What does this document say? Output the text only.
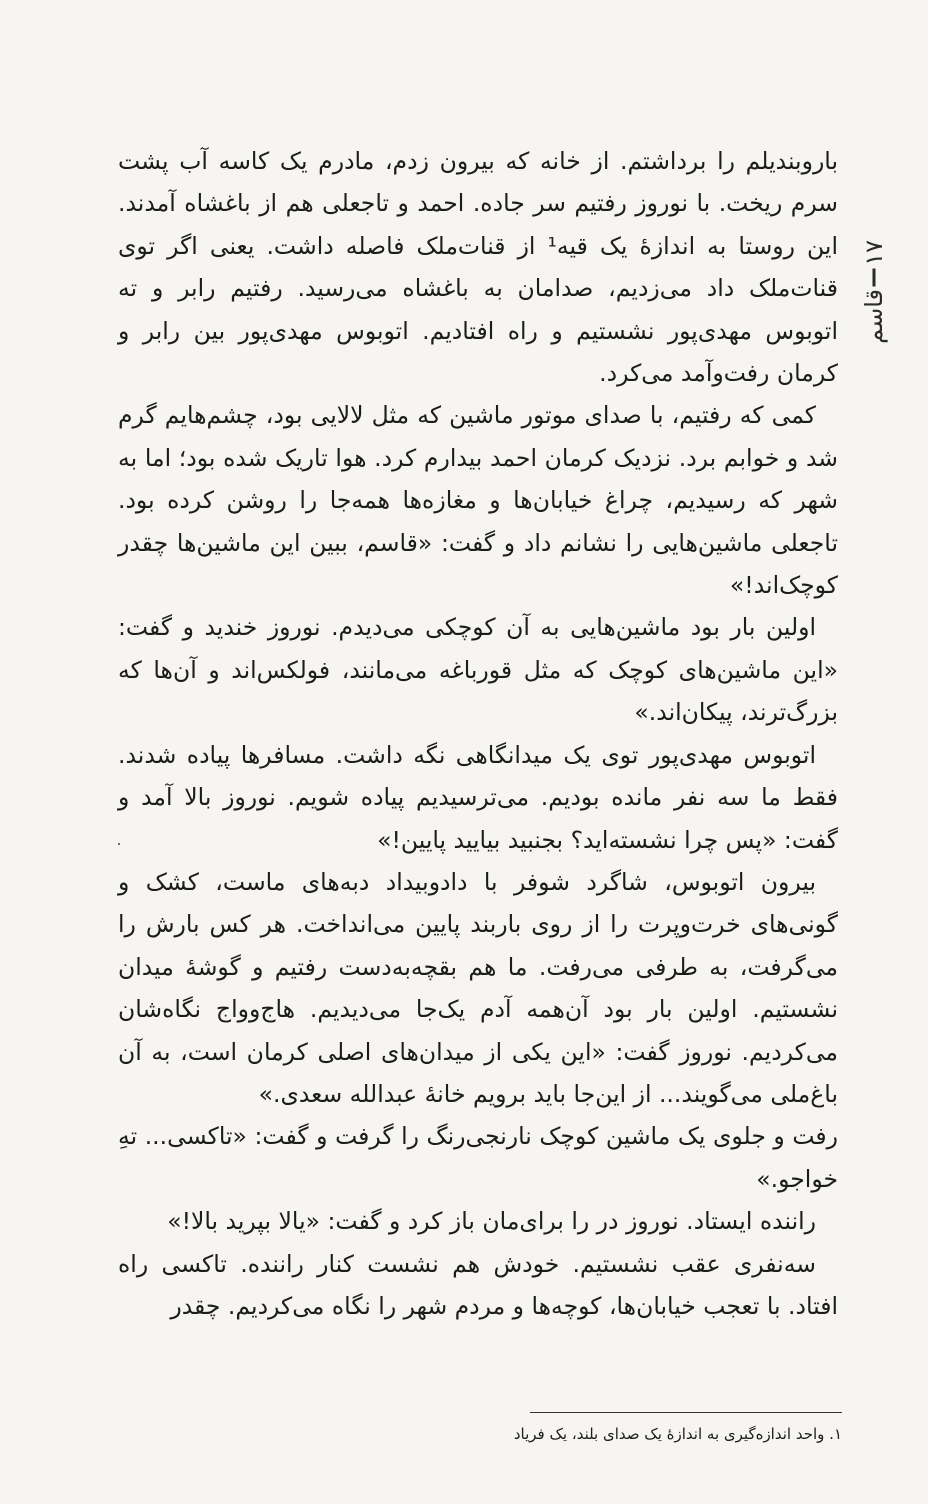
۱۷
قاسم

باروبندیلم را برداشتم. از خانه که بیرون زدم، مادرم یک کاسه آب پشت سرم ریخت. با نوروز رفتیم سر جاده. احمد و تاجعلی هم از باغشاه آمدند. این روستا به اندازهٔ یک قیه¹ از قنات‌ملک فاصله داشت. یعنی اگر توی قنات‌ملک داد می‌زدیم، صدامان به باغشاه می‌رسید. رفتیم رابر و ته اتوبوس مهدی‌پور نشستیم و راه افتادیم. اتوبوس مهدی‌پور بین رابر و کرمان رفت‌وآمد می‌کرد.

کمی که رفتیم، با صدای موتور ماشین که مثل لالایی بود، چشم‌هایم گرم شد و خوابم برد. نزدیک کرمان احمد بیدارم کرد. هوا تاریک شده بود؛ اما به شهر که رسیدیم، چراغ خیابان‌ها و مغازه‌ها همه‌جا را روشن کرده بود. تاجعلی ماشین‌هایی را نشانم داد و گفت: «قاسم، ببین این ماشین‌ها چقدر کوچک‌اند!»

اولین بار بود ماشین‌هایی به آن کوچکی می‌دیدم. نوروز خندید و گفت: «این ماشین‌های کوچک که مثل قورباغه می‌مانند، فولکس‌اند و آن‌ها که بزرگ‌ترند، پیکان‌اند.»

اتوبوس مهدی‌پور توی یک میدانگاهی نگه داشت. مسافرها پیاده شدند. فقط ما سه نفر مانده بودیم. می‌ترسیدیم پیاده شویم. نوروز بالا آمد و گفت: «پس چرا نشسته‌اید؟ بجنبید بیایید پایین!»

بیرون اتوبوس، شاگرد شوفر با دادوبیداد دبه‌های ماست، کشک و گونی‌های خرت‌وپرت را از روی باربند پایین می‌انداخت. هر کس بارش را می‌گرفت، به طرفی می‌رفت. ما هم بقچه‌به‌دست رفتیم و گوشهٔ میدان نشستیم. اولین بار بود آن‌همه آدم یک‌جا می‌دیدیم. هاج‌وواج نگاه‌شان می‌کردیم. نوروز گفت: «این یکی از میدان‌های اصلی کرمان است، به آن باغ‌ملی می‌گویند... از این‌جا باید برویم خانهٔ عبدالله سعدی.»

رفت و جلوی یک ماشین کوچک نارنجی‌رنگ را گرفت و گفت: «تاکسی... تهِ خواجو.»

راننده ایستاد. نوروز در را برای‌مان باز کرد و گفت: «یالا بپرید بالا!»

سه‌نفری عقب نشستیم. خودش هم نشست کنار راننده. تاکسی راه افتاد. با تعجب خیابان‌ها، کوچه‌ها و مردم شهر را نگاه می‌کردیم. چقدر

۱. واحد اندازه‌گیری به اندازهٔ یک صدای بلند، یک فریاد
